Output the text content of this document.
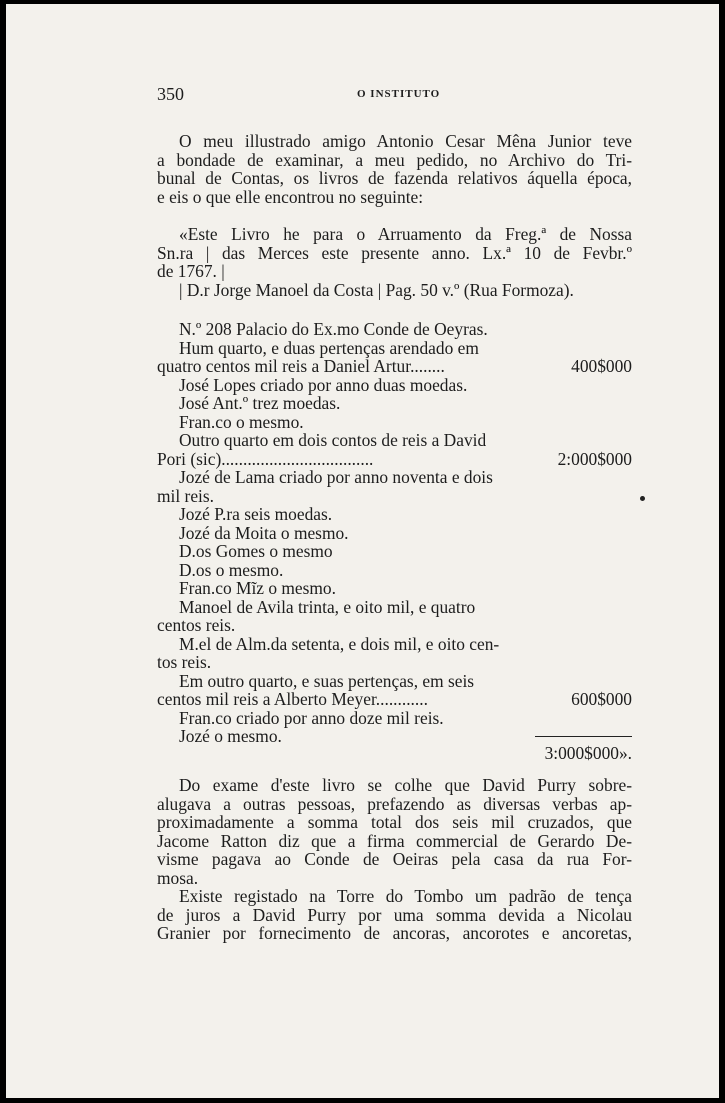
350	O INSTITUTO
O meu illustrado amigo Antonio Cesar Mêna Junior teve
a bondade de examinar, a meu pedido, no Archivo do Tri-
bunal de Contas, os livros de fazenda relativos áquella época,
e eis o que elle encontrou no seguinte:
«Este Livro he para o Arruamento da Freg.ª de Nossa
Sn.ra | das Merces este presente anno. Lx.ª 10 de Fevbr.º
de 1767. |
| D.r Jorge Manoel da Costa | Pag. 50 v.º (Rua Formoza).
N.º 208 Palacio do Ex.mo Conde de Oeyras.
Hum quarto, e duas pertenças arendado em
quatro centos mil reis a Daniel Artur........	400$000
José Lopes criado por anno duas moedas.
José Ant.º trez moedas.
Fran.co o mesmo.
Outro quarto em dois contos de reis a David
Pori (sic)...................................	2:000$000
Jozé de Lama criado por anno noventa e dois
mil reis.
Jozé P.ra seis moedas.
Jozé da Moita o mesmo.
D.os Gomes o mesmo
D.os o mesmo.
Fran.co Mĩz o mesmo.
Manoel de Avila trinta, e oito mil, e quatro
centos reis.
M.el de Alm.da setenta, e dois mil, e oito cen-
tos reis.
Em outro quarto, e suas pertenças, em seis
centos mil reis a Alberto Meyer............	600$000
Fran.co criado por anno doze mil reis.
Jozé o mesmo.
3:000$000».
Do exame d'este livro se colhe que David Purry sobre-
alugava a outras pessoas, prefazendo as diversas verbas ap-
proximadamente a somma total dos seis mil cruzados, que
Jacome Ratton diz que a firma commercial de Gerardo De-
visme pagava ao Conde de Oeiras pela casa da rua For-
mosa.
Existe registado na Torre do Tombo um padrão de tença
de juros a David Purry por uma somma devida a Nicolau
Granier por fornecimento de ancoras, ancorotes e ancoretas,
